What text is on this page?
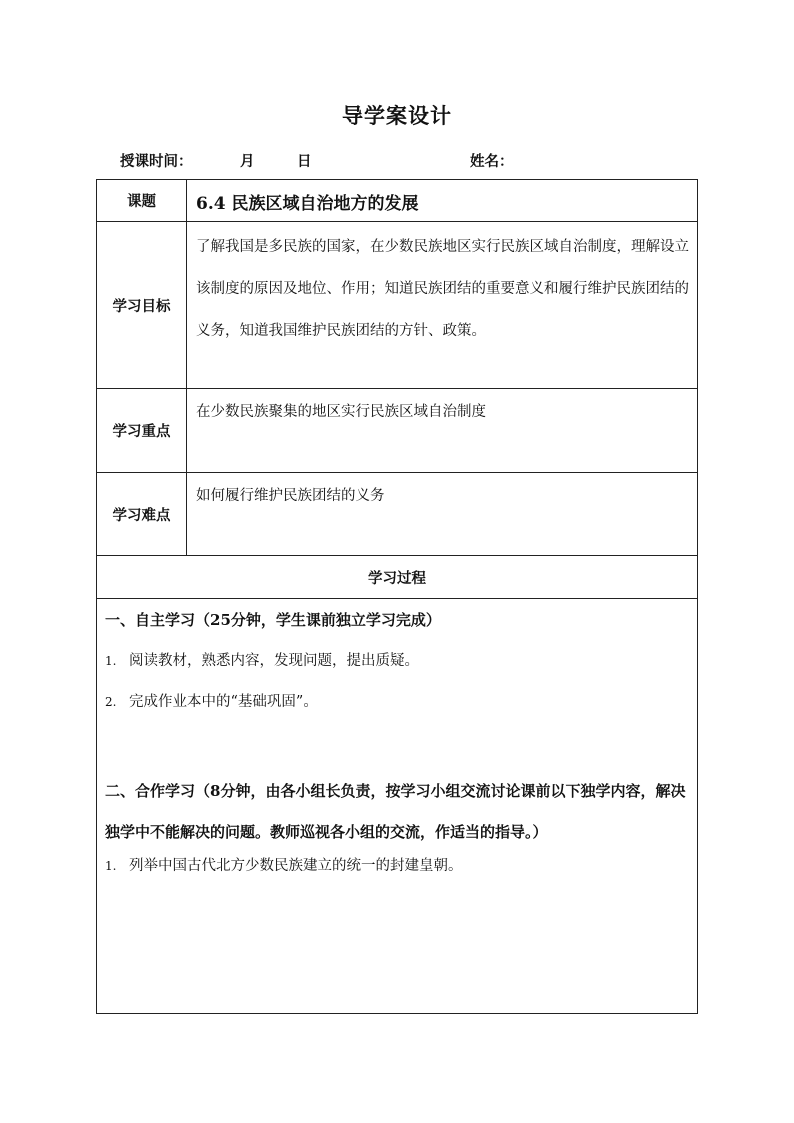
导学案设计
授课时间：	月	日	姓名：
课题	6.4 民族区域自治地方的发展
学习目标	了解我国是多民族的国家，在少数民族地区实行民族区域自治制度，理解设立该制度的原因及地位、作用；知道民族团结的重要意义和履行维护民族团结的义务，知道我国维护民族团结的方针、政策。
学习重点	在少数民族聚集的地区实行民族区域自治制度
学习难点	如何履行维护民族团结的义务
学习过程	

一、自主学习（25分钟，学生课前独立学习完成）
1. 阅读教材，熟悉内容，发现问题，提出质疑。
2. 完成作业本中的“基础巩固”。
二、合作学习（8分钟，由各小组长负责，按学习小组交流讨论课前以下独学内容，解决独学中不能解决的问题。教师巡视各小组的交流，作适当的指导。）
1. 列举中国古代北方少数民族建立的统一的封建皇朝。	
